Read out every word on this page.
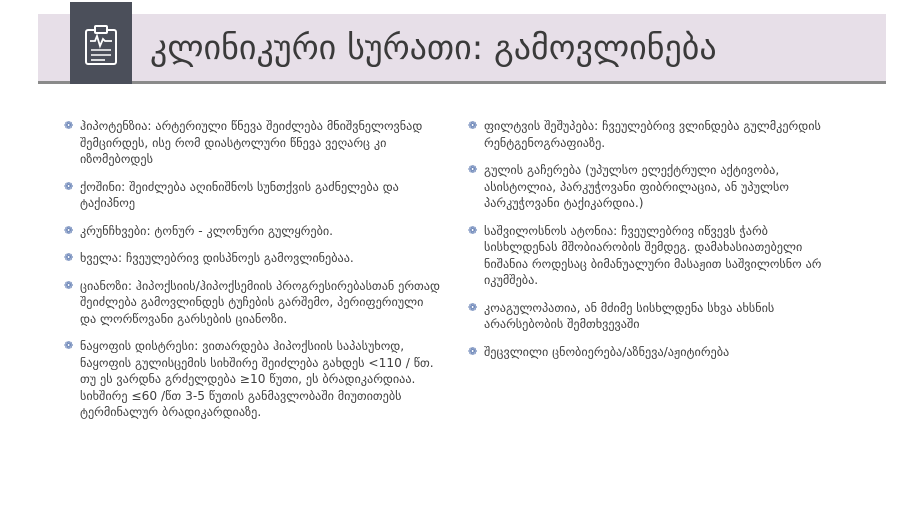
კლინიკური სურათი: გამოვლინება
❁ ჰიპოტენზია: არტერიული წნევა შეიძლება მნიშვნელოვნად შემცირდეს, ისე რომ დიასტოლური წნევა ვეღარც კი იზომებოდეს
❁ ქოშინი: შეიძლება აღინიშნოს სუნთქვის გაძნელება და ტაქიპნოე
❁ კრუნჩხვები: ტონურ - კლონური გულყრები.
❁ ხველა: ჩვეულებრივ დისპნოეს გამოვლინებაა.
❁ ციანოზი: ჰიპოქსიის/ჰიპოქსემიის პროგრესირებასთან ერთად შეიძლება გამოვლინდეს ტუჩების გარშემო, პერიფერიული და ლორწოვანი გარსების ციანოზი.
❁ ნაყოფის დისტრესი: ვითარდება ჰიპოქსიის საპასუხოდ, ნაყოფის გულისცემის სიხშირე შეიძლება გახდეს <110 / წთ. თუ ეს ვარდნა გრძელდება ≥10 წუთი, ეს ბრადიკარდიაა. სიხშირე ≤60 /წთ 3-5 წუთის განმავლობაში მიუთითებს ტერმინალურ ბრადიკარდიაზე.
❁ ფილტვის შეშუპება: ჩვეულებრივ ვლინდება გულმკერდის რენტგენოგრაფიაზე.
❁ გულის გაჩერება (უპულსო ელექტრული აქტივობა, ასისტოლია, პარკუჭოვანი ფიბრილაცია, ან უპულსო პარკუჭოვანი ტაქიკარდია.)
❁ საშვილოსნოს ატონია: ჩვეულებრივ იწვევს ჭარბ სისხლდენას მშობიარობის შემდეგ. დამახასიათებელი ნიშანია როდესაც ბიმანუალური მასაჟით საშვილოსნო არ იკუმშება.
❁ კოაგულოპათია, ან მძიმე სისხლდენა სხვა ახსნის არარსებობის შემთხვევაში
❁ შეცვლილი ცნობიერება/აზნევა/აჟიტირება
